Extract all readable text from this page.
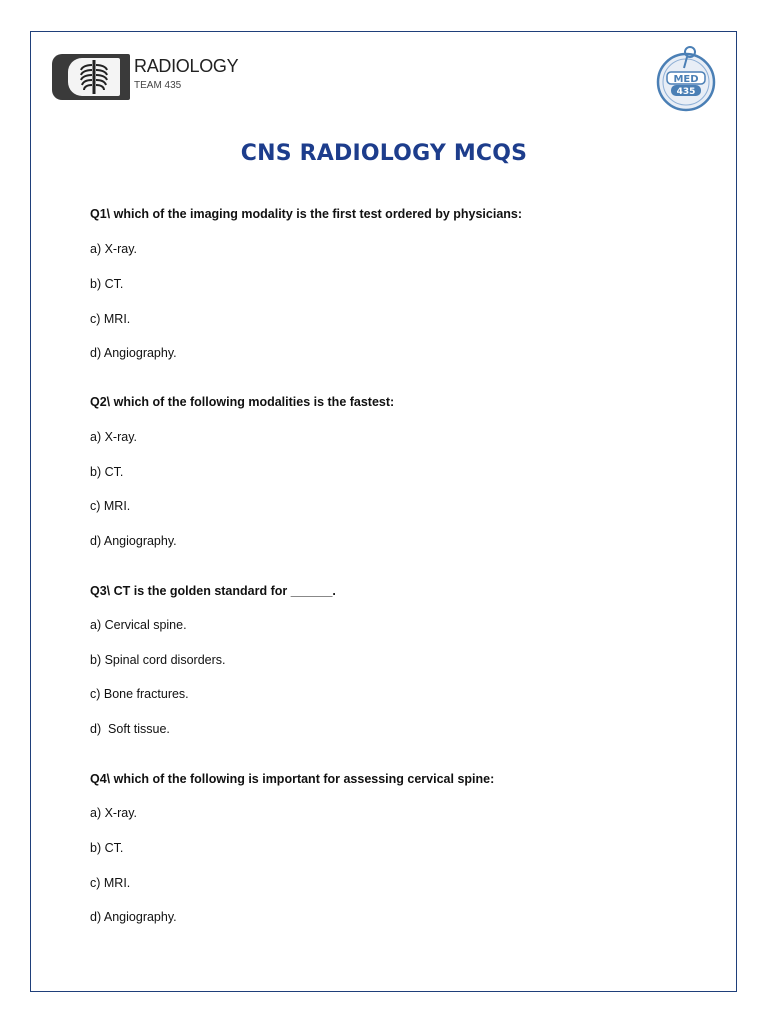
RADIOLOGY
TEAM 435
MED
435
CNS RADIOLOGY MCQS
Q1\ which of the imaging modality is the first test ordered by physicians:
a) X-ray.
b) CT.
c) MRI.
d) Angiography.
Q2\ which of the following modalities is the fastest:
a) X-ray.
b) CT.
c) MRI.
d) Angiography.
Q3\ CT is the golden standard for ______.
a) Cervical spine.
b) Spinal cord disorders.
c) Bone fractures.
d)  Soft tissue.
Q4\ which of the following is important for assessing cervical spine:
a) X-ray.
b) CT.
c) MRI.
d) Angiography.
